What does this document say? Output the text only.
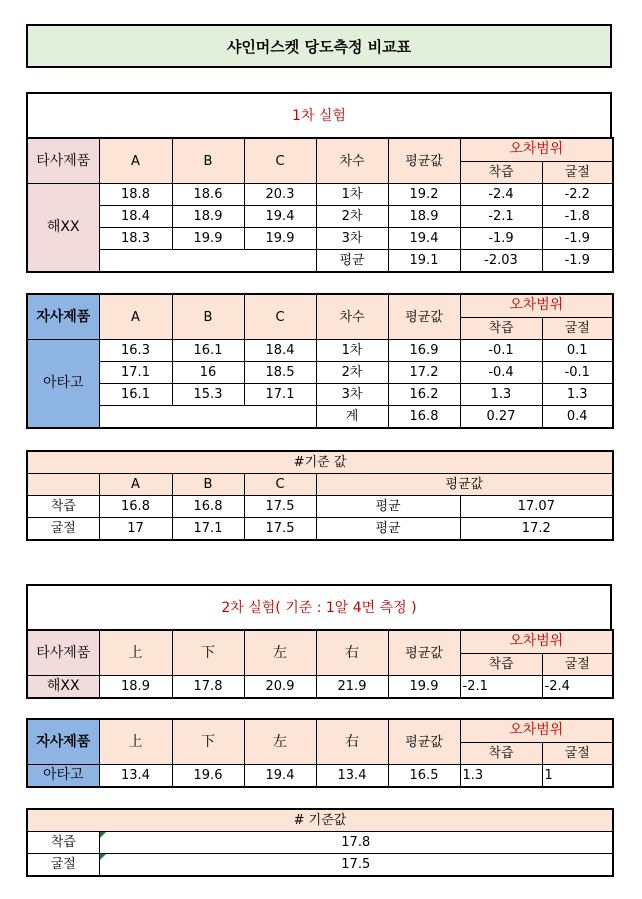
샤인머스켓 당도측정 비교표
1차 실험
타사제품	A	B	C	차수	평균값	오차범위	
						착즙	굴절
해XX	18.8	18.6	20.3	1차	19.2	-2.4	-2.2
	18.4	18.9	19.4	2차	18.9	-2.1	-1.8
	18.3	19.9	19.9	3차	19.4	-1.9	-1.9
				평균	19.1	-2.03	-1.9
자사제품	A	B	C	차수	평균값	오차범위	
						착즙	굴절
아타고	16.3	16.1	18.4	1차	16.9	-0.1	0.1
	17.1	16	18.5	2차	17.2	-0.4	-0.1
	16.1	15.3	17.1	3차	16.2	1.3	1.3
				계	16.8	0.27	0.4
#기준 값					
	A	B	C	평균값	
착즙	16.8	16.8	17.5	평균	17.07
굴절	17	17.1	17.5	평균	17.2
2차 실험( 기준 : 1알 4면 측정 )
타사제품	上	下	左	右	평균값	오차범위	
						착즙	굴절
해XX	18.9	17.8	20.9	21.9	19.9	-2.1	-2.4
자사제품	上	下	左	右	평균값	오차범위	
						착즙	굴절
아타고	13.4	19.6	19.4	13.4	16.5	1.3	1
# 기준값	
착즙	17.8
굴절	17.5
